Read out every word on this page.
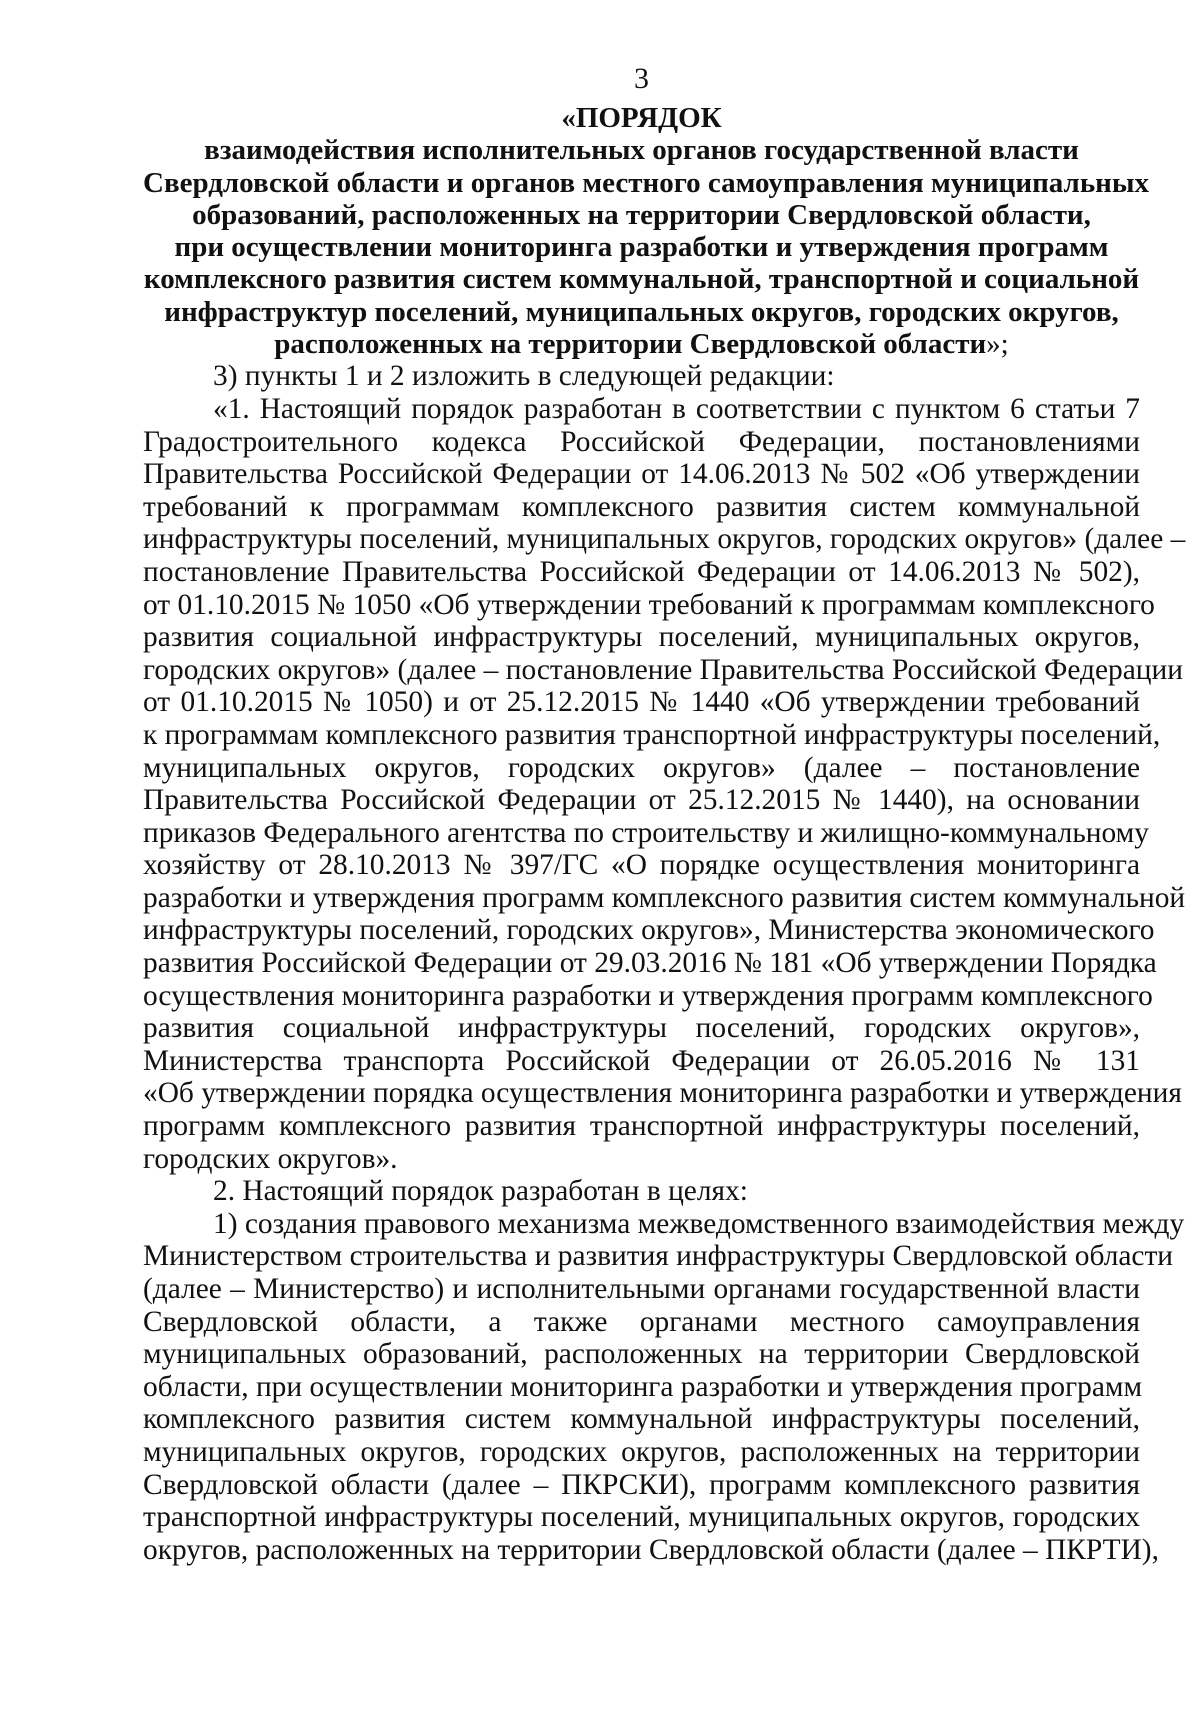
3
«ПОРЯДОК
взаимодействия исполнительных органов государственной власти
Свердловской области и органов местного самоуправления муниципальных
образований, расположенных на территории Свердловской области,
при осуществлении мониторинга разработки и утверждения программ
комплексного развития систем коммунальной, транспортной и социальной
инфраструктур поселений, муниципальных округов, городских округов,
расположенных на территории Свердловской области»;
3) пункты 1 и 2 изложить в следующей редакции:
«1. Настоящий порядок разработан в соответствии с пунктом 6 статьи 7
Градостроительного кодекса Российской Федерации, постановлениями
Правительства Российской Федерации от 14.06.2013 № 502 «Об утверждении
требований к программам комплексного развития систем коммунальной
инфраструктуры поселений, муниципальных округов, городских округов» (далее –
постановление Правительства Российской Федерации от 14.06.2013 № 502),
от 01.10.2015 № 1050 «Об утверждении требований к программам комплексного
развития социальной инфраструктуры поселений, муниципальных округов,
городских округов» (далее – постановление Правительства Российской Федерации
от 01.10.2015 № 1050) и от 25.12.2015 № 1440 «Об утверждении требований
к программам комплексного развития транспортной инфраструктуры поселений,
муниципальных округов, городских округов» (далее – постановление
Правительства Российской Федерации от 25.12.2015 № 1440), на основании
приказов Федерального агентства по строительству и жилищно-коммунальному
хозяйству от 28.10.2013 № 397/ГС «О порядке осуществления мониторинга
разработки и утверждения программ комплексного развития систем коммунальной
инфраструктуры поселений, городских округов», Министерства экономического
развития Российской Федерации от 29.03.2016 № 181 «Об утверждении Порядка
осуществления мониторинга разработки и утверждения программ комплексного
развития социальной инфраструктуры поселений, городских округов»,
Министерства транспорта Российской Федерации от 26.05.2016 № 131
«Об утверждении порядка осуществления мониторинга разработки и утверждения
программ комплексного развития транспортной инфраструктуры поселений,
городских округов».
2. Настоящий порядок разработан в целях:
1) создания правового механизма межведомственного взаимодействия между
Министерством строительства и развития инфраструктуры Свердловской области
(далее – Министерство) и исполнительными органами государственной власти
Свердловской области, а также органами местного самоуправления
муниципальных образований, расположенных на территории Свердловской
области, при осуществлении мониторинга разработки и утверждения программ
комплексного развития систем коммунальной инфраструктуры поселений,
муниципальных округов, городских округов, расположенных на территории
Свердловской области (далее – ПКРСКИ), программ комплексного развития
транспортной инфраструктуры поселений, муниципальных округов, городских
округов, расположенных на территории Свердловской области (далее – ПКРТИ),
